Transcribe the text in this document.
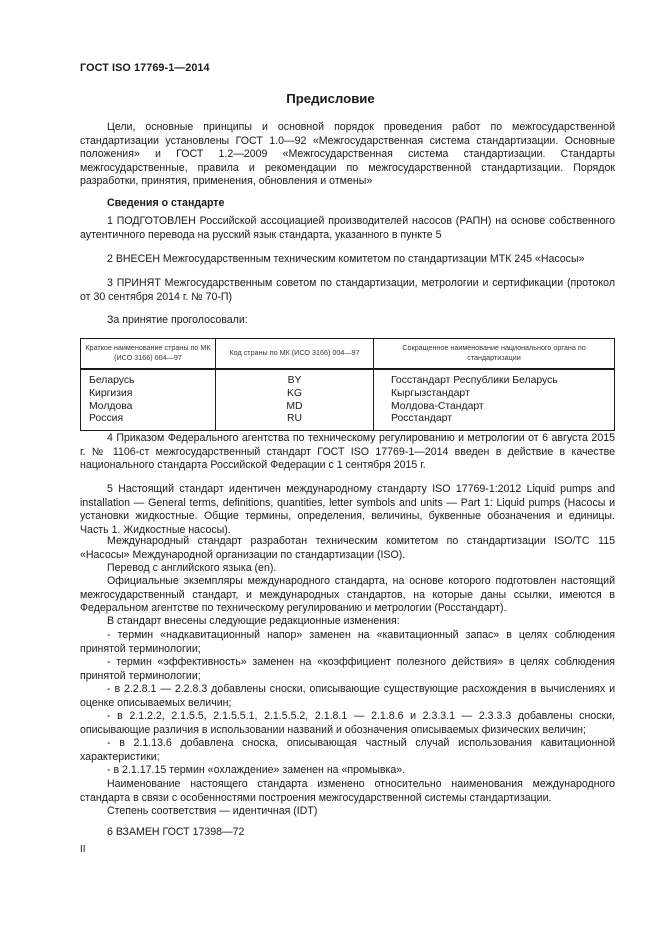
ГОСТ ISO 17769-1—2014
Предисловие
Цели, основные принципы и основной порядок проведения работ по межгосударственной стандартизации установлены ГОСТ 1.0—92 «Межгосударственная система стандартизации. Основные положения» и ГОСТ 1.2—2009 «Межгосударственная система стандартизации. Стандарты межгосударственные, правила и рекомендации по межгосударственной стандартизации. Порядок разработки, принятия, применения, обновления и отмены»
Сведения о стандарте
1 ПОДГОТОВЛЕН Российской ассоциацией производителей насосов (РАПН) на основе собственного аутентичного перевода на русский язык стандарта, указанного в пункте 5
2 ВНЕСЕН Межгосударственным техническим комитетом по стандартизации МТК 245 «Насосы»
3 ПРИНЯТ Межгосударственным советом по стандартизации, метрологии и сертификации (протокол от 30 сентября 2014 г. № 70-П)
За принятие проголосовали:
Краткое наименование страны по МК (ИСО 3166) 004—97	Код страны по МК (ИСО 3166) 004—97	Сокращенное наименование национального органа по стандартизации
Беларусь	BY	Госстандарт Республики Беларусь
Киргизия	KG	Кыргызстандарт
Молдова	MD	Молдова-Стандарт
Россия	RU	Росстандарт
4 Приказом Федерального агентства по техническому регулированию и метрологии от 6 августа 2015 г. № 1106-ст межгосударственный стандарт ГОСТ ISO 17769-1—2014 введен в действие в качестве национального стандарта Российской Федерации с 1 сентября 2015 г.
5 Настоящий стандарт идентичен международному стандарту ISO 17769-1:2012 Liquid pumps and installation — General terms, definitions, quantities, letter symbols and units — Part 1: Liquid pumps (Насосы и установки жидкостные. Общие термины, определения, величины, буквенные обозначения и единицы. Часть 1. Жидкостные насосы).
Международный стандарт разработан техническим комитетом по стандартизации ISO/TC 115 «Насосы» Международной организации по стандартизации (ISO).
Перевод с английского языка (en).
Официальные экземпляры международного стандарта, на основе которого подготовлен настоящий межгосударственный стандарт, и международных стандартов, на которые даны ссылки, имеются в Федеральном агентстве по техническому регулированию и метрологии (Росстандарт).
В стандарт внесены следующие редакционные изменения:
- термин «надкавитационный напор» заменен на «кавитационный запас» в целях соблюдения принятой терминологии;
- термин «эффективность» заменен на «коэффициент полезного действия» в целях соблюдения принятой терминологии;
- в 2.2.8.1 — 2.2.8.3 добавлены сноски, описывающие существующие расхождения в вычислениях и оценке описываемых величин;
- в 2.1.2.2, 2.1.5.5, 2.1.5.5.1, 2.1.5.5.2, 2.1.8.1 — 2.1.8.6 и 2.3.3.1 — 2.3.3.3 добавлены сноски, описывающие различия в использовании названий и обозначения описываемых физических величин;
- в 2.1.13.6 добавлена сноска, описывающая частный случай использования кавитационной характеристики;
- в 2.1.17.15 термин «охлаждение» заменен на «промывка».
Наименование настоящего стандарта изменено относительно наименования международного стандарта в связи с особенностями построения межгосударственной системы стандартизации.
Степень соответствия — идентичная (IDT)
6 ВЗАМЕН ГОСТ 17398—72
II
